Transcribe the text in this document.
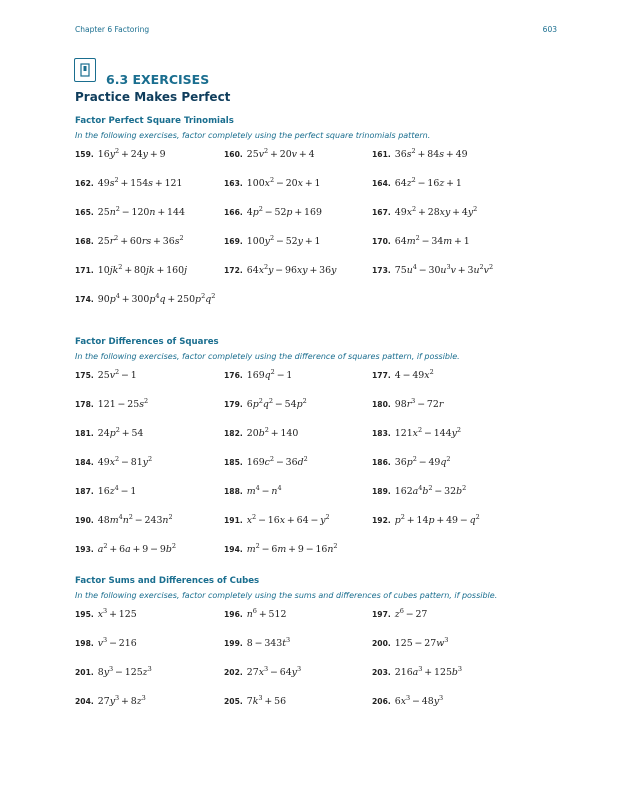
Chapter 6 Factoring	603
6.3 EXERCISES
Practice Makes Perfect
Factor Perfect Square Trinomials
In the following exercises, factor completely using the perfect square trinomials pattern.
159. $16y^2 + 24y + 9$	160. $25v^2 + 20v + 4$	161. $36s^2 + 84s + 49$
162. $49s^2 + 154s + 121$	163. $100x^2 - 20x + 1$	164. $64z^2 - 16z + 1$
165. $25n^2 - 120n + 144$	166. $4p^2 - 52p + 169$	167. $49x^2 + 28xy + 4y^2$
168. $25r^2 + 60rs + 36s^2$	169. $100y^2 - 52y + 1$	170. $64m^2 - 34m + 1$
171. $10jk^2 + 80jk + 160j$	172. $64x^2y - 96xy + 36y$	173. $75u^4 - 30u^3v + 3u^2v^2$
174. $90p^4 + 300p^4q + 250p^2q^2$
Factor Differences of Squares
In the following exercises, factor completely using the difference of squares pattern, if possible.
175. $25v^2 - 1$	176. $169q^2 - 1$	177. $4 - 49x^2$
178. $121 - 25s^2$	179. $6p^2q^2 - 54p^2$	180. $98r^3 - 72r$
181. $24p^2 + 54$	182. $20b^2 + 140$	183. $121x^2 - 144y^2$
184. $49x^2 - 81y^2$	185. $169c^2 - 36d^2$	186. $36p^2 - 49q^2$
187. $16z^4 - 1$	188. $m^4 - n^4$	189. $162a^4b^2 - 32b^2$
190. $48m^4n^2 - 243n^2$	191. $x^2 - 16x + 64 - y^2$	192. $p^2 + 14p + 49 - q^2$
193. $a^2 + 6a + 9 - 9b^2$	194. $m^2 - 6m + 9 - 16n^2$
Factor Sums and Differences of Cubes
In the following exercises, factor completely using the sums and differences of cubes pattern, if possible.
195. $x^3 + 125$	196. $n^6 + 512$	197. $z^6 - 27$
198. $v^3 - 216$	199. $8 - 343t^3$	200. $125 - 27w^3$
201. $8y^3 - 125z^3$	202. $27x^3 - 64y^3$	203. $216a^3 + 125b^3$
204. $27y^3 + 8z^3$	205. $7k^3 + 56$	206. $6x^3 - 48y^3$
